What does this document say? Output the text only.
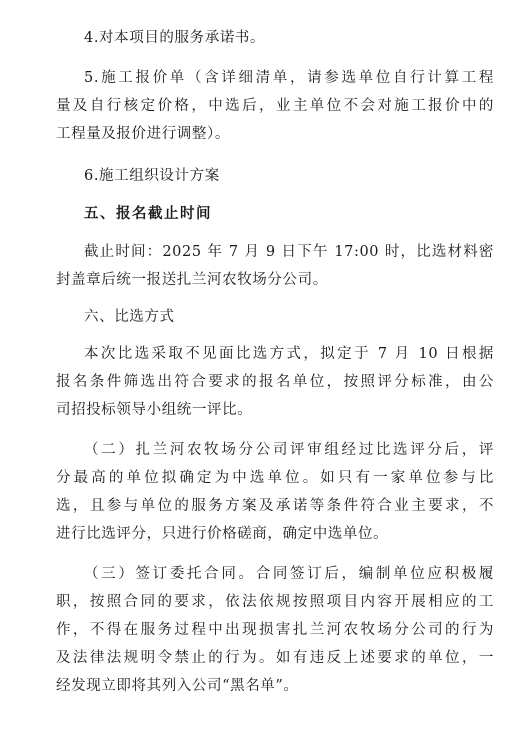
4.对本项目的服务承诺书。
5.施工报价单（含详细清单，请参选单位自行计算工程
量及自行核定价格，中选后，业主单位不会对施工报价中的
工程量及报价进行调整）。
6.施工组织设计方案
五、报名截止时间
截止时间：2025 年 7 月 9 日下午 17:00 时，比选材料密
封盖章后统一报送扎兰河农牧场分公司。
六、比选方式
本次比选采取不见面比选方式，拟定于 7 月 10 日根据
报名条件筛选出符合要求的报名单位，按照评分标准，由公
司招投标领导小组统一评比。
（二）扎兰河农牧场分公司评审组经过比选评分后，评
分最高的单位拟确定为中选单位。如只有一家单位参与比
选，且参与单位的服务方案及承诺等条件符合业主要求，不
进行比选评分，只进行价格磋商，确定中选单位。
（三）签订委托合同。合同签订后，编制单位应积极履
职，按照合同的要求，依法依规按照项目内容开展相应的工
作，不得在服务过程中出现损害扎兰河农牧场分公司的行为
及法律法规明令禁止的行为。如有违反上述要求的单位，一
经发现立即将其列入公司“黑名单”。
